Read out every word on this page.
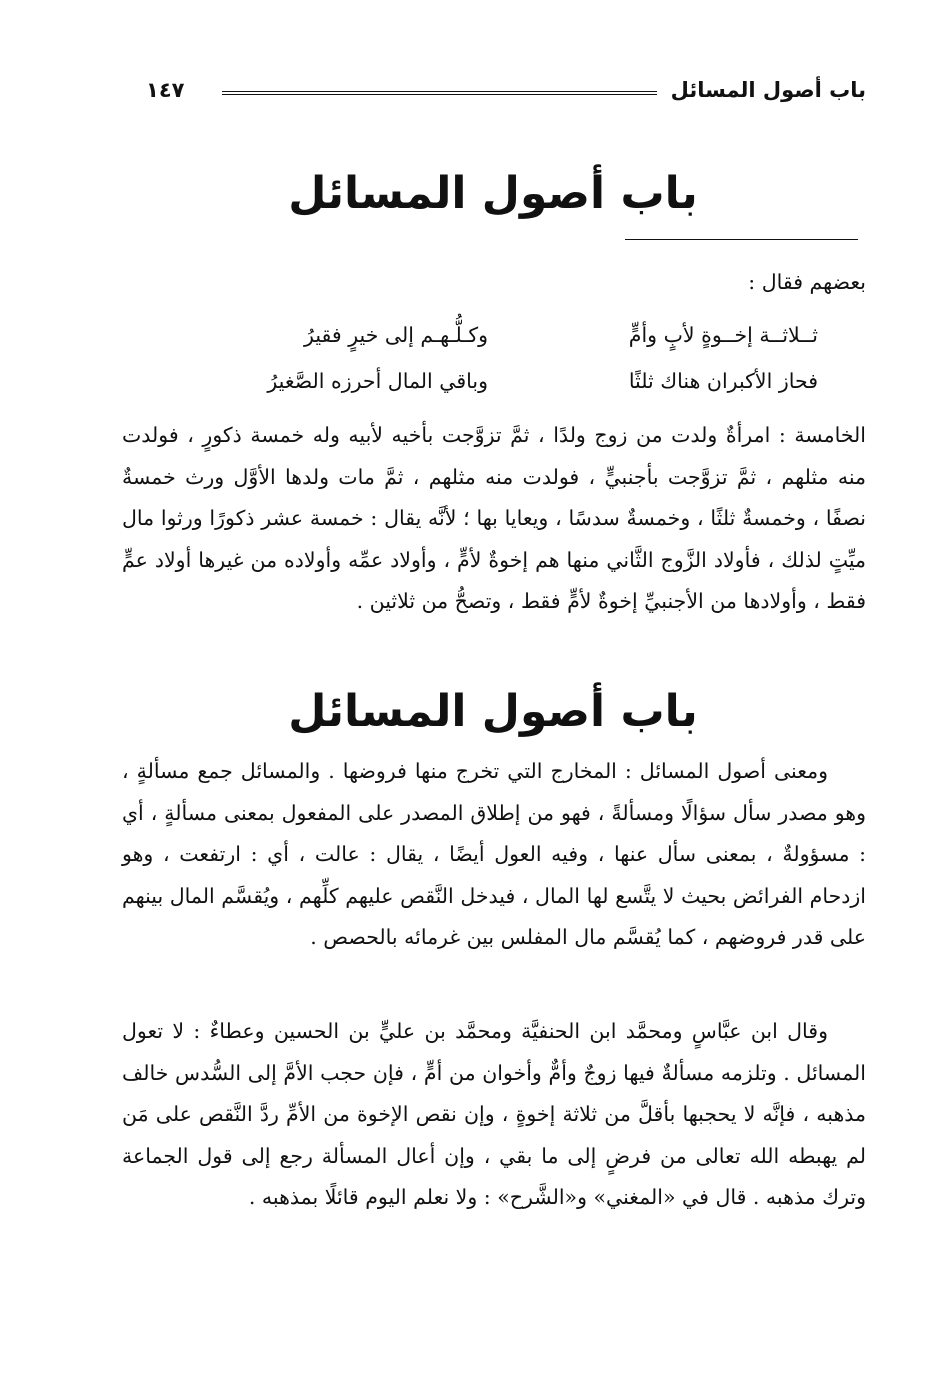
باب أصول المسائل
١٤٧
باب أصول المسائل
بعضهم فقال :
ثــلاثــة إخــوةٍ لأبٍ وأمٍّ
وكـلُّـهـم إلى خيرٍ فقيرُ
فحاز الأكبران هناك ثلثًا
وباقي المال أحرزه الصَّغيرُ
الخامسة : امرأةٌ ولدت من زوج ولدًا ، ثمَّ تزوَّجت بأخيه لأبيه وله خمسة ذكورٍ ، فولدت منه مثلهم ، ثمَّ تزوَّجت بأجنبيٍّ ، فولدت منه مثلهم ، ثمَّ مات ولدها الأوَّل ورث خمسةٌ نصفًا ، وخمسةٌ ثلثًا ، وخمسةٌ سدسًا ، ويعايا بها ؛ لأنَّه يقال : خمسة عشر ذكورًا ورثوا مال ميِّتٍ لذلك ، فأولاد الزَّوج الثَّاني منها هم إخوةٌ لأمٍّ ، وأولاد عمِّه وأولاده من غيرها أولاد عمٍّ فقط ، وأولادها من الأجنبيِّ إخوةٌ لأمٍّ فقط ، وتصحُّ من ثلاثين .
باب أصول المسائل
ومعنى أصول المسائل : المخارج التي تخرج منها فروضها . والمسائل جمع مسألةٍ ، وهو مصدر سأل سؤالًا ومسألةً ، فهو من إطلاق المصدر على المفعول بمعنى مسألةٍ ، أي : مسؤولةٌ ، بمعنى سأل عنها ، وفيه العول أيضًا ، يقال : عالت ، أي : ارتفعت ، وهو ازدحام الفرائض بحيث لا يتَّسع لها المال ، فيدخل النَّقص عليهم كلِّهم ، ويُقسَّم المال بينهم على قدر فروضهم ، كما يُقسَّم مال المفلس بين غرمائه بالحصص .
وقال ابن عبَّاسٍ ومحمَّد ابن الحنفيَّة ومحمَّد بن عليٍّ بن الحسين وعطاءٌ : لا تعول المسائل . وتلزمه مسألةٌ فيها زوجٌ وأمٌّ وأخوان من أمٍّ ، فإن حجب الأمَّ إلى السُّدس خالف مذهبه ، فإنَّه لا يحجبها بأقلَّ من ثلاثة إخوةٍ ، وإن نقص الإخوة من الأمِّ ردَّ النَّقص على مَن لم يهبطه الله تعالى من فرضٍ إلى ما بقي ، وإن أعال المسألة رجع إلى قول الجماعة وترك مذهبه . قال في «المغني» و«الشَّرح» : ولا نعلم اليوم قائلًا بمذهبه .
